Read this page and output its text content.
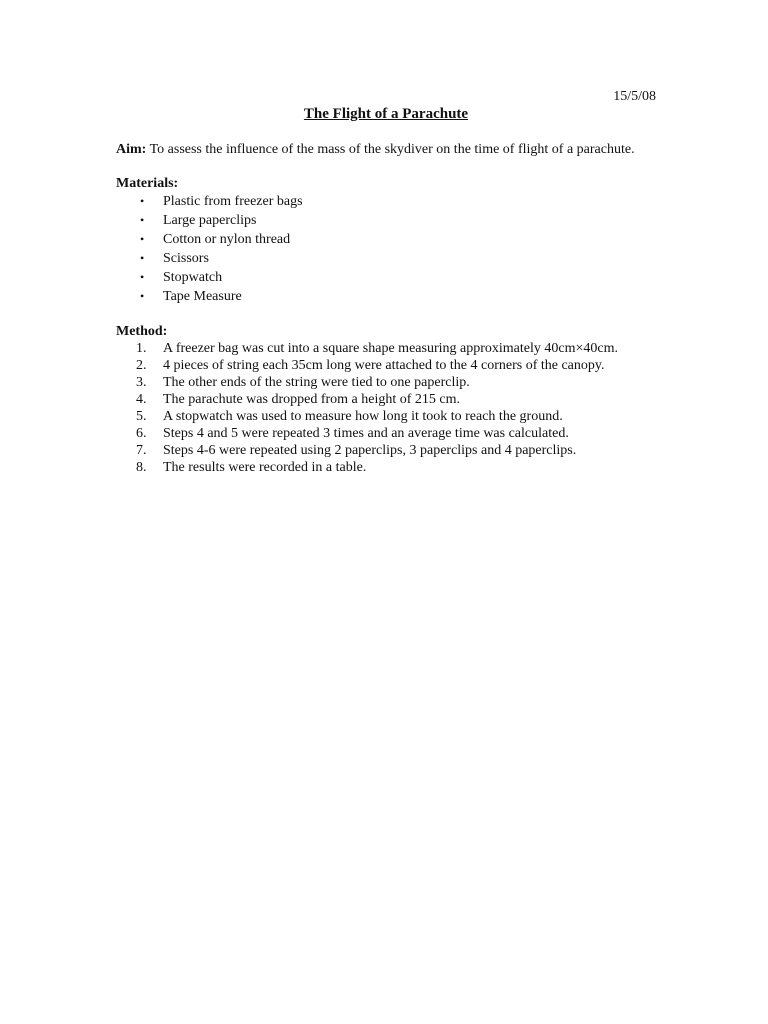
15/5/08

The Flight of a Parachute

Aim: To assess the influence of the mass of the skydiver on the time of flight of a parachute.

Materials:

• Plastic from freezer bags
• Large paperclips
• Cotton or nylon thread
• Scissors
• Stopwatch
• Tape Measure

Method:

1. A freezer bag was cut into a square shape measuring approximately 40cm×40cm.
2. 4 pieces of string each 35cm long were attached to the 4 corners of the canopy.
3. The other ends of the string were tied to one paperclip.
4. The parachute was dropped from a height of 215 cm.
5. A stopwatch was used to measure how long it took to reach the ground.
6. Steps 4 and 5 were repeated 3 times and an average time was calculated.
7. Steps 4-6 were repeated using 2 paperclips, 3 paperclips and 4 paperclips.
8. The results were recorded in a table.
